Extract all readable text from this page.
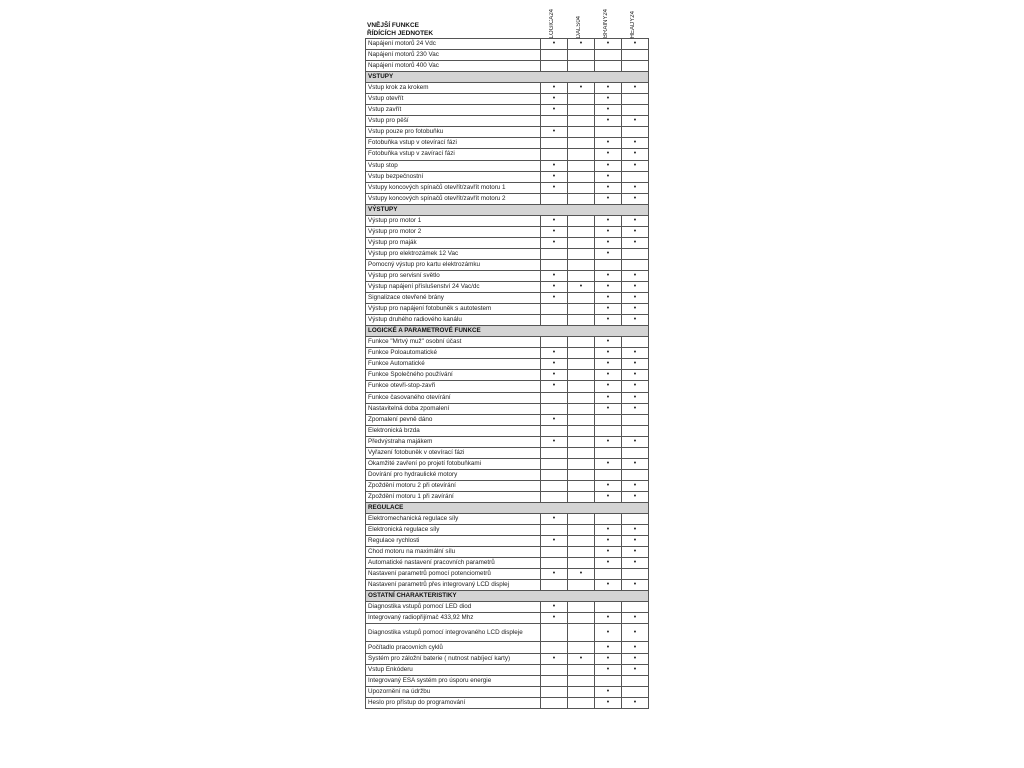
VNĚJŠÍ FUNKCE
ŘÍDÍCÍCH JEDNOTEK	LOGICA24	DALS04	BRAINY24	HEADY24
Napájení motorů 24 Vdc	•	•	•	•
Napájení motorů 230 Vac				
Napájení motorů 400 Vac				
VSTUPY				
Vstup krok za krokem	•	•	•	•
Vstup otevřít	•		•	
Vstup zavřít	•		•	
Vstup pro pěší			•	•
Vstup pouze pro fotobuňku	•			
Fotobuňka vstup v otevírací fázi			•	•
Fotobuňka vstup v zavírací fázi			•	•
Vstup stop	•		•	•
Vstup bezpečnostní	•		•	
Vstupy koncových spínačů otevřít/zavřít motoru 1	•		•	•
Vstupy koncových spínačů otevřít/zavřít motoru 2			•	•
VÝSTUPY				
Výstup pro motor 1	•		•	•
Výstup pro motor 2	•		•	•
Výstup pro maják	•		•	•
Výstup pro elektrozámek 12 Vac			•	
Pomocný výstup pro kartu elektrozámku				
Výstup pro servisní světlo	•		•	•
Výstup napájení příslušenství 24 Vac/dc	•	•	•	•
Signalizace otevřené brány	•		•	•
Výstup pro napájení fotobuněk s autotestem			•	•
Výstup druhého radiového kanálu			•	•
LOGICKÉ A PARAMETROVÉ FUNKCE				
Funkce "Mrtvý muž" osobní účast			•	
Funkce Poloautomatické	•		•	•
Funkce Automatické	•		•	•
Funkce Společného používání	•		•	•
Funkce otevři-stop-zavři	•		•	•
Funkce časovaného otevírání			•	•
Nastavitelná doba zpomalení			•	•
Zpomalení pevně dáno	•			
Elektronická brzda				
Předvýstraha majákem	•		•	•
Vyřazení fotobuněk v otevírací fázi				
Okamžité zavření po projetí fotobuňkami			•	•
Dovírání pro hydraulické motory				
Zpoždění motoru 2 při otevírání			•	•
Zpoždění motoru 1 při zavírání			•	•
REGULACE				
Elektromechanická regulace síly	•			
Elektronická regulace síly			•	•
Regulace rychlosti	•		•	•
Chod motoru na maximální sílu			•	•
Automatické nastavení pracovních parametrů			•	•
Nastavení parametrů pomocí potenciometrů	•	•		
Nastavení parametrů přes integrovaný LCD displej			•	•
OSTATNÍ CHARAKTERISTIKY				
Diagnostika vstupů pomocí LED diod	•			
Integrovaný radiopřijímač 433,92 Mhz	•		•	•
Diagnostika vstupů pomocí integrovaného LCD displeje			•	•
Počítadlo pracovních cyklů			•	•
Systém pro záložní baterie ( nutnost nabíjecí karty)	•	•	•	•
Vstup Enkóderu			•	•
Integrovaný ESA systém pro úsporu energie				
Upozornění na údržbu			•	
Heslo pro přístup do programování			•	•
